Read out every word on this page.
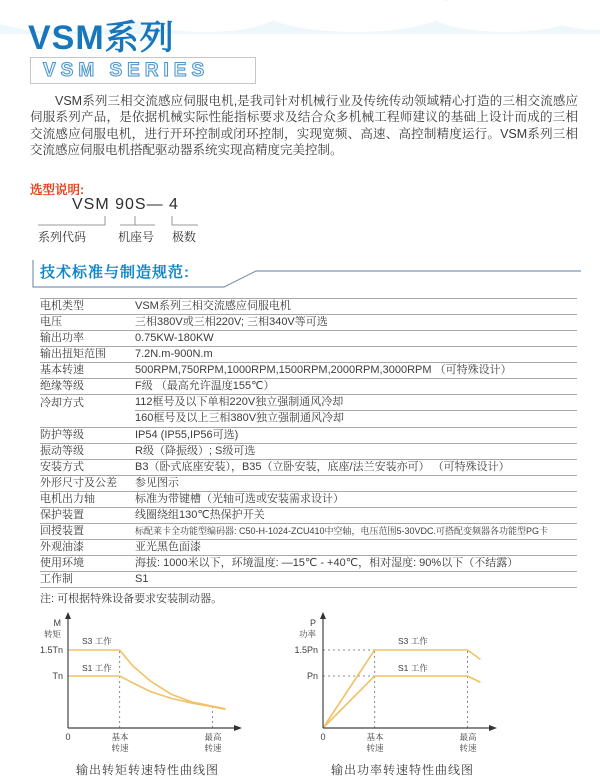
VSM系列
VSM SERIES
VSM系列三相交流感应伺服电机,是我司针对机械行业及传统传动领域精心打造的三相交流感应伺服系列产品，是依据机械实际性能指标要求及结合众多机械工程师建议的基础上设计而成的三相交流感应伺服电机，进行开环控制或闭环控制，实现宽频、高速、高控制精度运行。VSM系列三相交流感应伺服电机搭配驱动器系统实现高精度完美控制。
选型说明:
VSM 90S— 4
系列代码	机座号 极数
技术标准与制造规范:
电机类型	VSM系列三相交流感应伺服电机
电压	三相380V或三相220V; 三相340V等可选
输出功率	0.75KW-180KW
输出扭矩范围	7.2N.m-900N.m
基本转速	500RPM,750RPM,1000RPM,1500RPM,2000RPM,3000RPM （可特殊设计）
绝缘等级	F级 （最高允许温度155℃）
冷却方式	112框号及以下单相220V独立强制通风冷却
160框号及以上三相380V独立强制通风冷却
防护等级	IP54 (IP55,IP56可选)
振动等级	R级（降振级）; S级可选
安装方式	B3（卧式底座安装），B35（立卧安装，底座/法兰安装亦可） （可特殊设计）
外形尺寸及公差	参见图示
电机出力轴	标准为带键槽（光轴可选或安装需求设计）
保护装置	线圈绕组130℃热保护开关
回授装置	标配莱卡全功能型编码器: C50-H-1024-ZCU410中空轴，电压范围5-30VDC.可搭配变频器各功能型PG卡
外观油漆	亚光黑色面漆
使用环境	海拔: 1000米以下，环境温度: —15℃ - +40℃，相对湿度: 90%以下（不结露）
工作制	S1
注: 可根据特殊设备要求安装制动器。
M
转矩
1.5Tn
Tn
S3 工作
S1 工作
0	基本
转速
最高
转速
输出转矩转速特性曲线图
P
功率
1.5Pn
Pn
S3 工作
S1 工作
0	基本
转速
最高
转速
输出功率转速特性曲线图
